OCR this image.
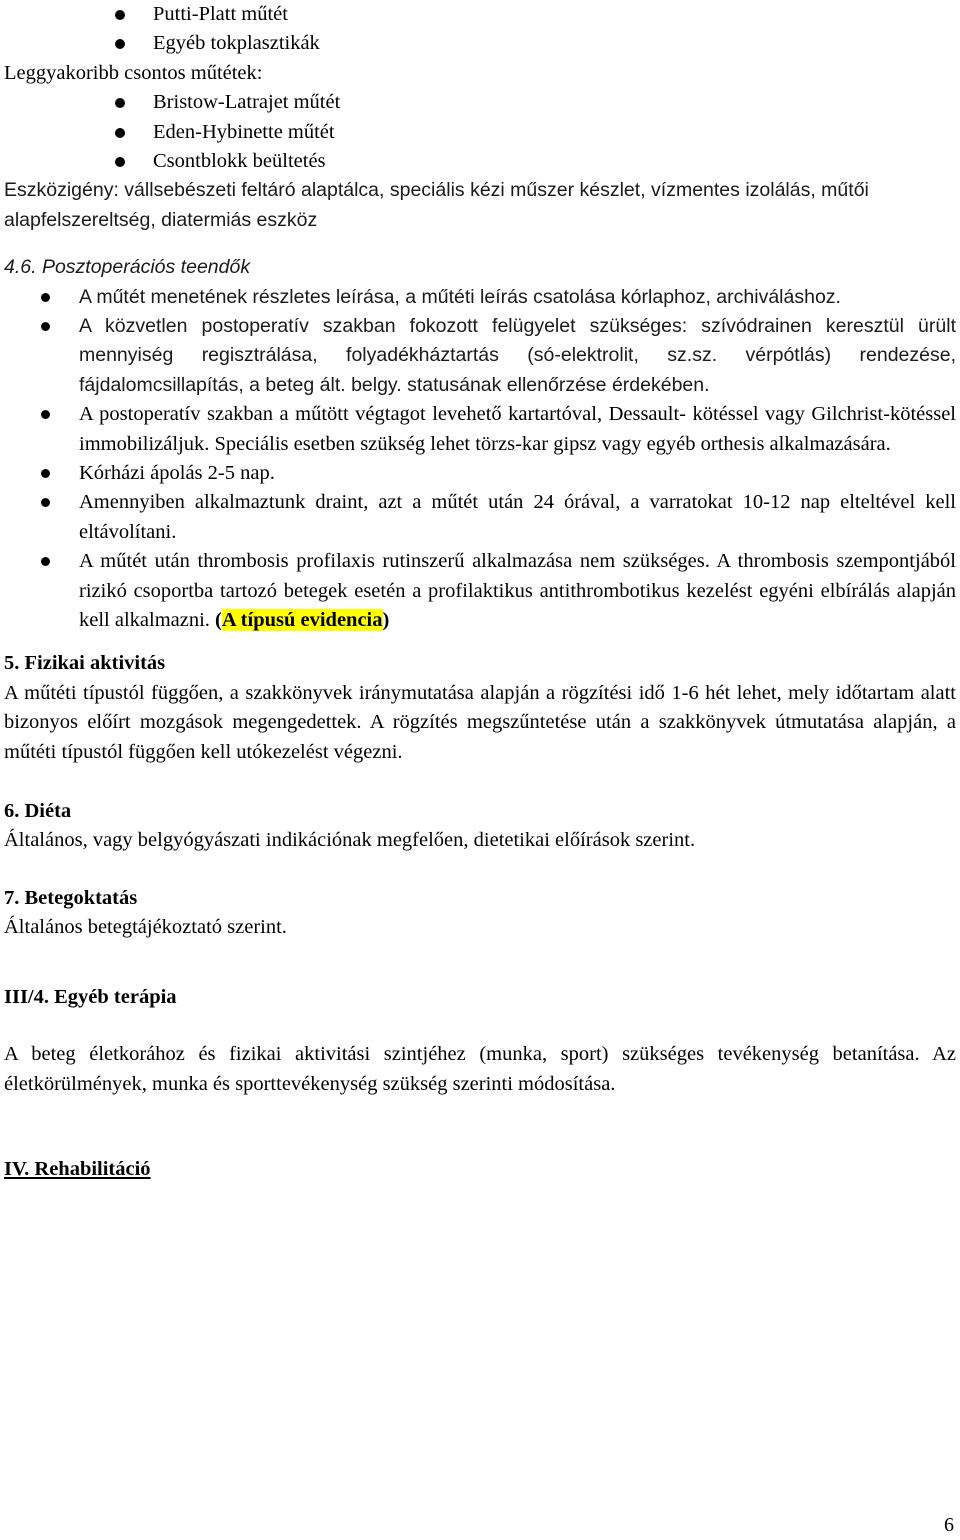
Putti-Platt műtét
Egyéb tokplasztikák
Leggyakoribb csontos műtétek:
Bristow-Latrajet műtét
Eden-Hybinette műtét
Csontblokk beültetés
Eszközigény: vállsebészeti feltáró alaptálca, speciális kézi műszer készlet, vízmentes izolálás, műtői alapfelszereltség, diatermiás eszköz
4.6. Posztoperációs teendők
A műtét menetének részletes leírása, a műtéti leírás csatolása kórlaphoz, archiváláshoz.
A közvetlen postoperatív szakban fokozott felügyelet szükséges: szívódrainen keresztül ürült mennyiség regisztrálása, folyadékháztartás (só-elektrolit, sz.sz. vérpótlás) rendezése, fájdalomcsillapítás, a beteg ált. belgy. statusának ellenőrzése érdekében.
A postoperatív szakban a műtött végtagot levehető kartartóval, Dessault- kötéssel vagy Gilchrist-kötéssel immobilizáljuk. Speciális esetben szükség lehet törzs-kar gipsz vagy egyéb orthesis alkalmazására.
Kórházi ápolás 2-5 nap.
Amennyiben alkalmaztunk draint, azt a műtét után 24 órával, a varratokat 10-12 nap elteltével kell eltávolítani.
A műtét után thrombosis profilaxis rutinszerű alkalmazása nem szükséges. A thrombosis szempontjából rizikó csoportba tartozó betegek esetén a profilaktikus antithrombotikus kezelést egyéni elbírálás alapján kell alkalmazni. (A típusú evidencia)
5. Fizikai aktivitás
A műtéti típustól függően, a szakkönyvek iránymutatása alapján a rögzítési idő 1-6 hét lehet, mely időtartam alatt bizonyos előírt mozgások megengedettek. A rögzítés megszűntetése után a szakkönyvek útmutatása alapján, a műtéti típustól függően kell utókezelést végezni.
6. Diéta
Általános, vagy belgyógyászati indikációnak megfelően, dietetikai előírások szerint.
7. Betegoktatás
Általános betegtájékoztató szerint.
III/4. Egyéb terápia
A beteg életkorához és fizikai aktivitási szintjéhez (munka, sport) szükséges tevékenység betanítása. Az életkörülmények, munka és sporttevékenység szükség szerinti módosítása.
IV. Rehabilitáció
6
